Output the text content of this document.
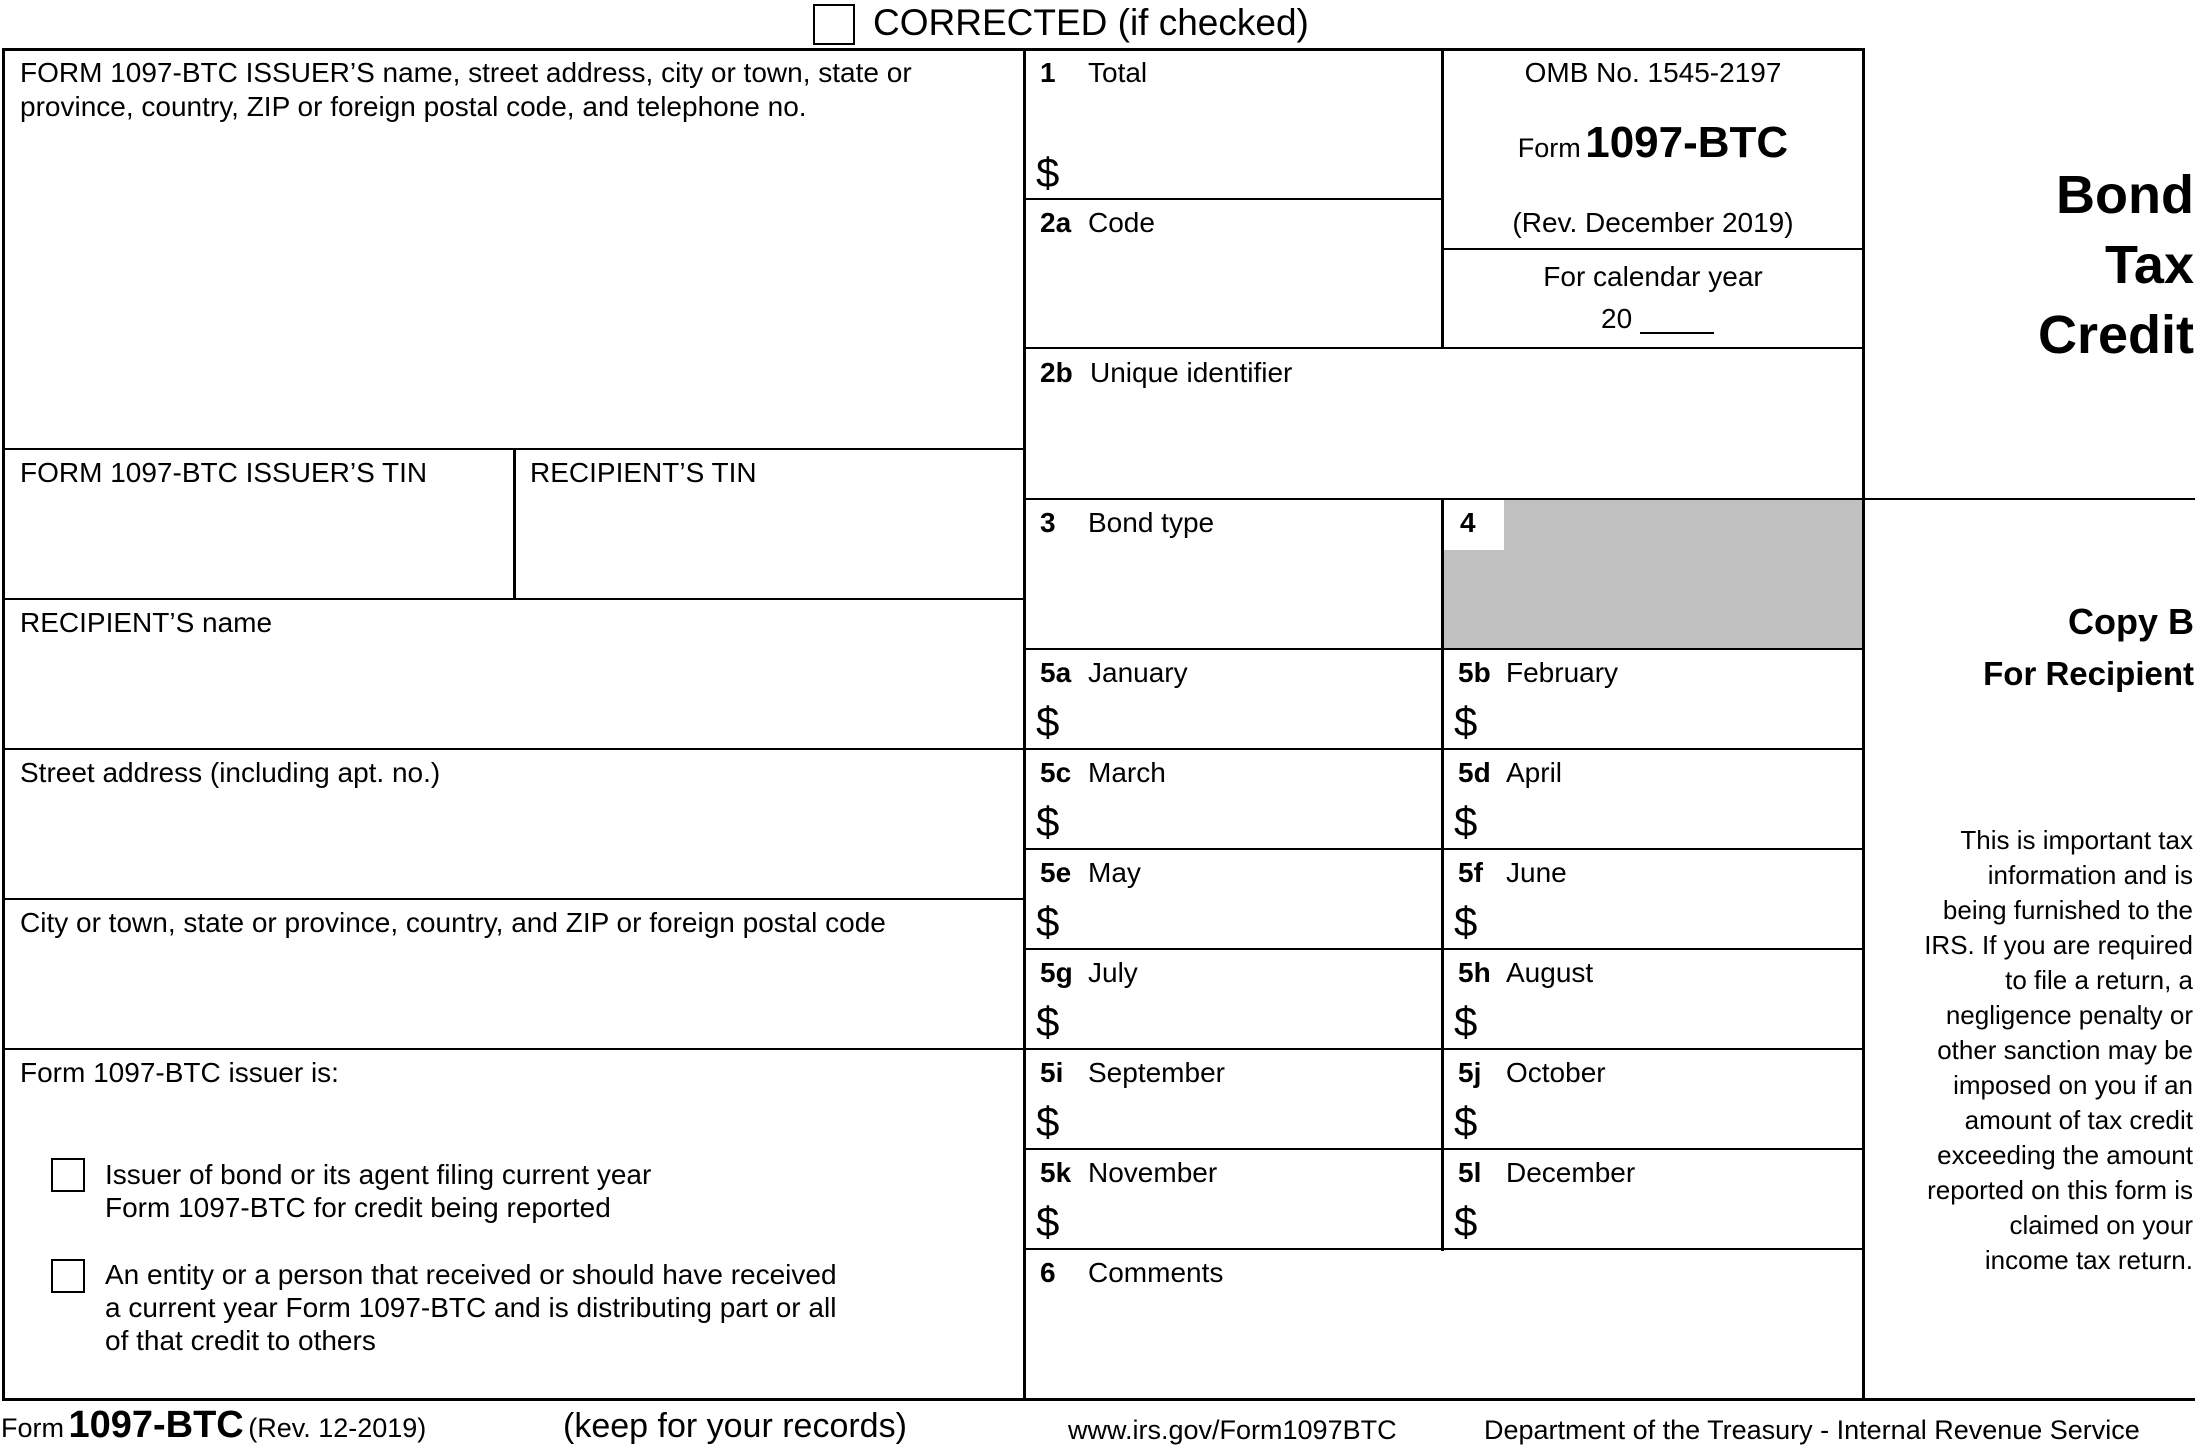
CORRECTED (if checked)
FORM 1097-BTC ISSUER’S name, street address, city or town, state or
province, country, ZIP or foreign postal code, and telephone no.
FORM 1097-BTC ISSUER’S TIN	RECIPIENT’S TIN
RECIPIENT’S name
Street address (including apt. no.)
City or town, state or province, country, and ZIP or foreign postal code
Form 1097-BTC issuer is:
Issuer of bond or its agent filing current year
Form 1097-BTC for credit being reported
An entity or a person that received or should have received
a current year Form 1097-BTC and is distributing part or all
of that credit to others
1 Total
$
2a Code
2b Unique identifier
3 Bond type	4
5a January
$
5b February
$
5c March
$
5d April
$
5e May
$
5f June
$
5g July
$
5h August
$
5i September
$
5j October
$
5k November
$
5l December
$
6 Comments
OMB No. 1545-2197
Form 1097-BTC
(Rev. December 2019)
For calendar year
20
Bond
Tax
Credit
Copy B
For Recipient
This is important tax
information and is
being furnished to the
IRS. If you are required
to file a return, a
negligence penalty or
other sanction may be
imposed on you if an
amount of tax credit
exceeding the amount
reported on this form is
claimed on your
income tax return.
Form 1097-BTC (Rev. 12-2019)	(keep for your records)	www.irs.gov/Form1097BTC	Department of the Treasury - Internal Revenue Service
